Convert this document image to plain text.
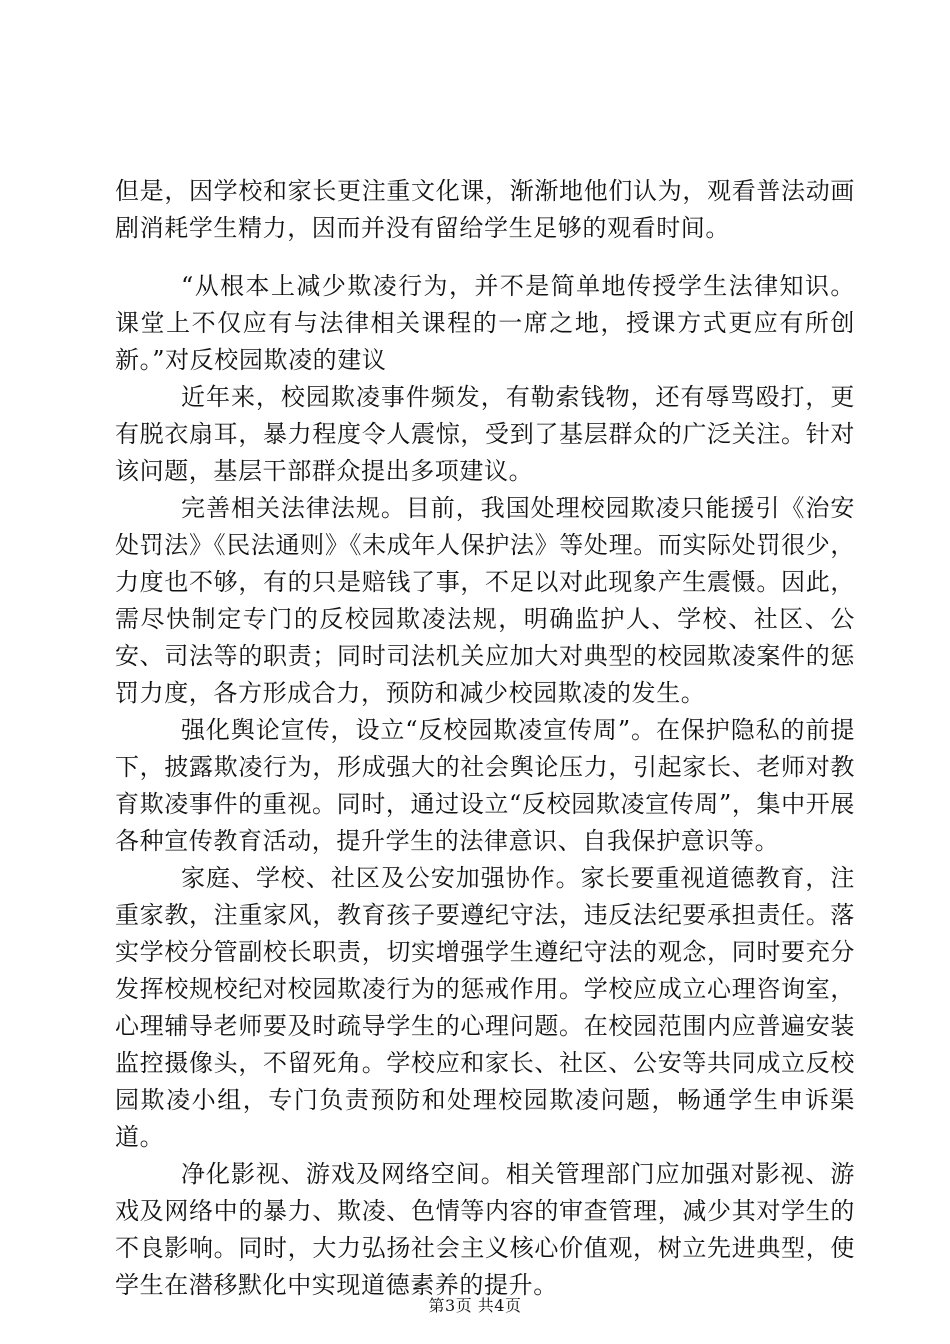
但是，因学校和家长更注重文化课，渐渐地他们认为，观看普法动画剧消耗学生精力，因而并没有留给学生足够的观看时间。

“从根本上减少欺凌行为，并不是简单地传授学生法律知识。课堂上不仅应有与法律相关课程的一席之地，授课方式更应有所创新。”对反校园欺凌的建议

近年来，校园欺凌事件频发，有勒索钱物，还有辱骂殴打，更有脱衣扇耳，暴力程度令人震惊，受到了基层群众的广泛关注。针对该问题，基层干部群众提出多项建议。

完善相关法律法规。目前，我国处理校园欺凌只能援引《治安处罚法》《民法通则》《未成年人保护法》等处理。而实际处罚很少，力度也不够，有的只是赔钱了事，不足以对此现象产生震慑。因此，需尽快制定专门的反校园欺凌法规，明确监护人、学校、社区、公安、司法等的职责；同时司法机关应加大对典型的校园欺凌案件的惩罚力度，各方形成合力，预防和减少校园欺凌的发生。

强化舆论宣传，设立“反校园欺凌宣传周”。在保护隐私的前提下，披露欺凌行为，形成强大的社会舆论压力，引起家长、老师对教育欺凌事件的重视。同时，通过设立“反校园欺凌宣传周”，集中开展各种宣传教育活动，提升学生的法律意识、自我保护意识等。

家庭、学校、社区及公安加强协作。家长要重视道德教育，注重家教，注重家风，教育孩子要遵纪守法，违反法纪要承担责任。落实学校分管副校长职责，切实增强学生遵纪守法的观念，同时要充分发挥校规校纪对校园欺凌行为的惩戒作用。学校应成立心理咨询室，心理辅导老师要及时疏导学生的心理问题。在校园范围内应普遍安装监控摄像头，不留死角。学校应和家长、社区、公安等共同成立反校园欺凌小组，专门负责预防和处理校园欺凌问题，畅通学生申诉渠道。

净化影视、游戏及网络空间。相关管理部门应加强对影视、游戏及网络中的暴力、欺凌、色情等内容的审查管理，减少其对学生的不良影响。同时，大力弘扬社会主义核心价值观，树立先进典型，使学生在潜移默化中实现道德素养的提升。

第3页 共4页
